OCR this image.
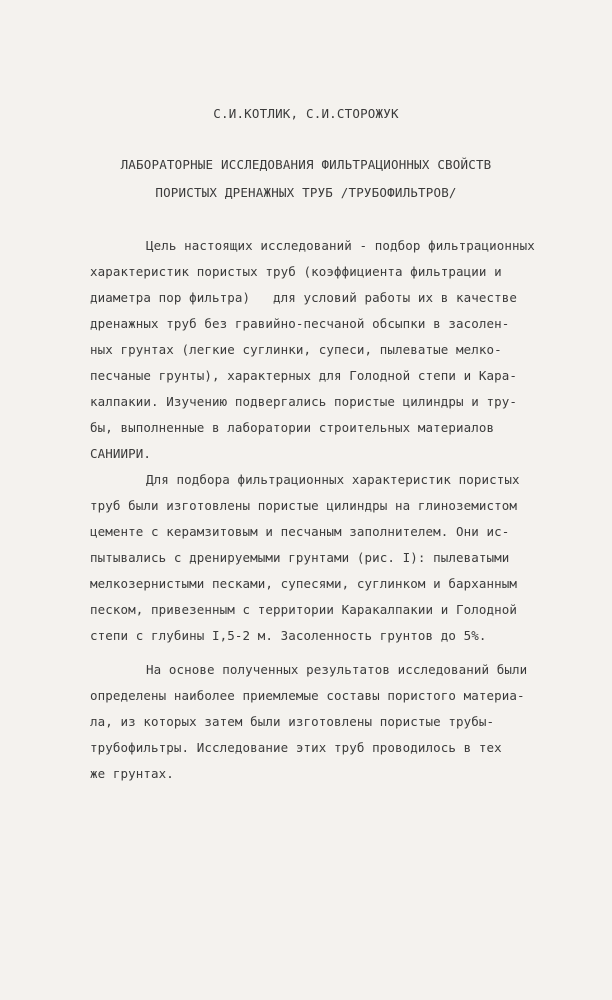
С.И.КОТЛИК, С.И.СТОРОЖУК
ЛАБОРАТОРНЫЕ ИССЛЕДОВАНИЯ ФИЛЬТРАЦИОННЫХ СВОЙСТВ
ПОРИСТЫХ ДРЕНАЖНЫХ ТРУБ /ТРУБОФИЛЬТРОВ/
Цель настоящих исследований - подбор фильтрационных
характеристик пористых труб (коэффициента фильтрации и
диаметра пор фильтра)   для условий работы их в качестве
дренажных труб без гравийно-песчаной обсыпки в засолен-
ных грунтах (легкие суглинки, супеси, пылеватые мелко-
песчаные грунты), характерных для Голодной степи и Кара-
калпакии. Изучению подвергались пористые цилиндры и тру-
бы, выполненные в лаборатории строительных материалов
САНИИРИ.
Для подбора фильтрационных характеристик пористых
труб были изготовлены пористые цилиндры на глиноземистом
цементе с керамзитовым и песчаным заполнителем. Они ис-
пытывались с дренируемыми грунтами (рис. I): пылеватыми
мелкозернистыми песками, супесями, суглинком и барханным
песком, привезенным с территории Каракалпакии и Голодной
степи с глубины I,5-2 м. Засоленность грунтов до 5%.
На основе полученных результатов исследований были
определены наиболее приемлемые составы пористого материа-
ла, из которых затем были изготовлены пористые трубы-
трубофильтры. Исследование этих труб проводилось в тех
же грунтах.
